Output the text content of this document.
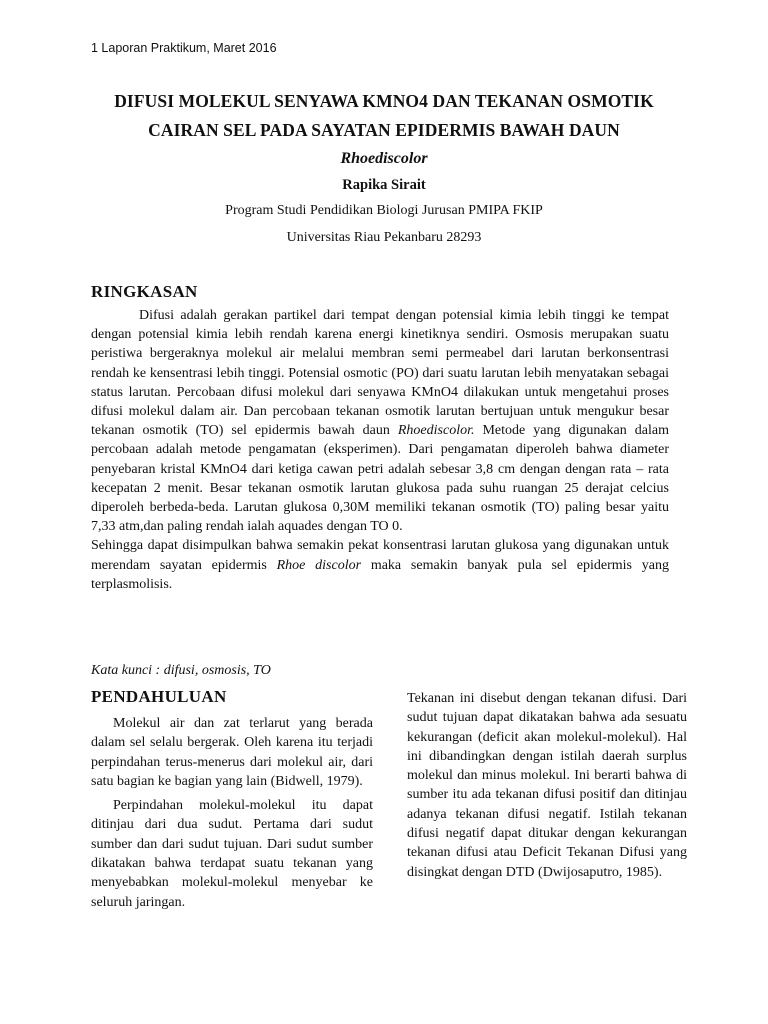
1 Laporan Praktikum, Maret 2016
DIFUSI MOLEKUL SENYAWA KMNO4 DAN TEKANAN OSMOTIK
CAIRAN SEL PADA SAYATAN EPIDERMIS BAWAH DAUN
Rhoediscolor
Rapika Sirait
Program Studi Pendidikan Biologi Jurusan PMIPA FKIP
Universitas Riau Pekanbaru 28293
RINGKASAN

Difusi adalah gerakan partikel dari tempat dengan potensial kimia lebih tinggi ke tempat dengan potensial kimia lebih rendah karena energi kinetiknya sendiri. Osmosis merupakan suatu peristiwa bergeraknya molekul air melalui membran semi permeabel dari larutan berkonsentrasi rendah ke kensentrasi lebih tinggi. Potensial osmotic (PO) dari suatu larutan lebih menyatakan sebagai status larutan. Percobaan difusi molekul dari senyawa KMnO4 dilakukan untuk mengetahui proses difusi molekul dalam air. Dan percobaan tekanan osmotik larutan bertujuan untuk mengukur besar tekanan osmotik (TO) sel epidermis bawah daun Rhoediscolor. Metode yang digunakan dalam percobaan adalah metode pengamatan (eksperimen). Dari pengamatan diperoleh bahwa diameter penyebaran kristal KMnO4 dari ketiga cawan petri adalah sebesar 3,8 cm dengan dengan rata – rata kecepatan 2 menit. Besar tekanan osmotik larutan glukosa pada suhu ruangan 25 derajat celcius diperoleh berbeda-beda. Larutan glukosa 0,30M memiliki tekanan osmotik (TO) paling besar yaitu 7,33 atm,dan paling rendah ialah aquades dengan TO 0.

Sehingga dapat disimpulkan bahwa semakin pekat konsentrasi larutan glukosa yang digunakan untuk merendam sayatan epidermis Rhoe discolor maka semakin banyak pula sel epidermis yang terplasmolisis.

Kata kunci : difusi, osmosis, TO
PENDAHULUAN

Molekul air dan zat terlarut yang berada dalam sel selalu bergerak. Oleh karena itu terjadi perpindahan terus-menerus dari molekul air, dari satu bagian ke bagian yang lain (Bidwell, 1979).

Perpindahan molekul-molekul itu dapat ditinjau dari dua sudut. Pertama dari sudut sumber dan dari sudut tujuan. Dari sudut sumber dikatakan bahwa terdapat suatu tekanan yang menyebabkan molekul-molekul menyebar ke seluruh jaringan.

Tekanan ini disebut dengan tekanan difusi. Dari sudut tujuan dapat dikatakan bahwa ada sesuatu kekurangan (deficit akan molekul-molekul). Hal ini dibandingkan dengan istilah daerah surplus molekul dan minus molekul. Ini berarti bahwa di sumber itu ada tekanan difusi positif dan ditinjau adanya tekanan difusi negatif. Istilah tekanan difusi negatif dapat ditukar dengan kekurangan tekanan difusi atau Deficit Tekanan Difusi yang disingkat dengan DTD (Dwijosaputro, 1985).
